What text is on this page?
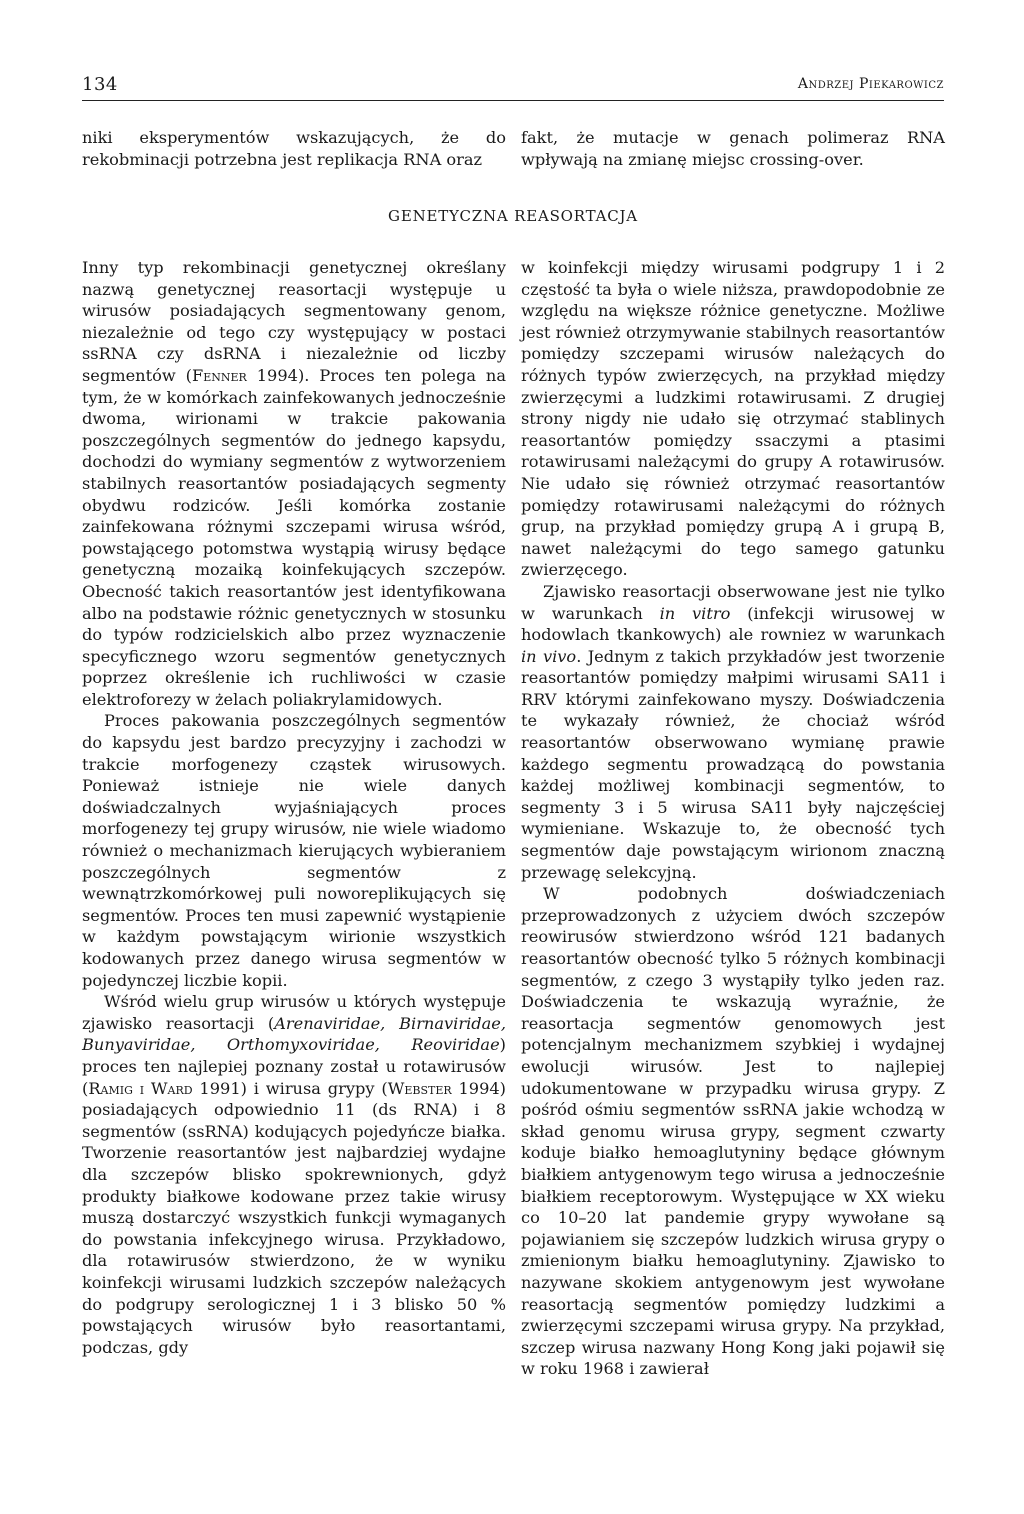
134	Andrzej Piekarowicz

niki eksperymentów wskazujących, że do rekobminacji potrzebna jest replikacja RNA oraz

fakt, że mutacje w genach polimeraz RNA wpływają na zmianę miejsc crossing-over.

GENETYCZNA REASORTACJA

Inny typ rekombinacji genetycznej określany nazwą genetycznej reasortacji występuje u wirusów posiadających segmentowany genom, niezależnie od tego czy występujący w postaci ssRNA czy dsRNA i niezależnie od liczby segmentów (Fenner 1994). Proces ten polega na tym, że w komórkach zainfekowanych jednocześnie dwoma, wirionami w trakcie pakowania poszczególnych segmentów do jednego kapsydu, dochodzi do wymiany segmentów z wytworzeniem stabilnych reasortantów posiadających segmenty obydwu rodziców. Jeśli komórka zostanie zainfekowana różnymi szczepami wirusa wśród, powstającego potomstwa wystąpią wirusy będące genetyczną mozaiką koinfekujących szczepów. Obecność takich reasortantów jest identyfikowana albo na podstawie różnic genetycznych w stosunku do typów rodzicielskich albo przez wyznaczenie specyficznego wzoru segmentów genetycznych poprzez określenie ich ruchliwości w czasie elektroforezy w żelach poliakrylamidowych.

Proces pakowania poszczególnych segmentów do kapsydu jest bardzo precyzyjny i zachodzi w trakcie morfogenezy cząstek wirusowych. Ponieważ istnieje nie wiele danych doświadczalnych wyjaśniających proces morfogenezy tej grupy wirusów, nie wiele wiadomo również o mechanizmach kierujących wybieraniem poszczególnych segmentów z wewnątrzkomórkowej puli noworeplikujących się segmentów. Proces ten musi zapewnić wystąpienie w każdym powstającym wirionie wszystkich kodowanych przez danego wirusa segmentów w pojedynczej liczbie kopii.

Wśród wielu grup wirusów u których występuje zjawisko reasortacji (Arenaviridae, Birnaviridae, Bunyaviridae, Orthomyxoviridae, Reoviridae) proces ten najlepiej poznany został u rotawirusów (Ramig i Ward 1991) i wirusa grypy (Webster 1994) posiadających odpowiednio 11 (ds RNA) i 8 segmentów (ssRNA) kodujących pojedyńcze białka. Tworzenie reasortantów jest najbardziej wydajne dla szczepów blisko spokrewnionych, gdyż produkty białkowe kodowane przez takie wirusy muszą dostarczyć wszystkich funkcji wymaganych do powstania infekcyjnego wirusa. Przykładowo, dla rotawirusów stwierdzono, że w wyniku koinfekcji wirusami ludzkich szczepów należących do podgrupy serologicznej 1 i 3 blisko 50 % powstających wirusów było reasortantami, podczas, gdy

w koinfekcji między wirusami podgrupy 1 i 2 częstość ta była o wiele niższa, prawdopodobnie ze względu na większe różnice genetyczne. Możliwe jest również otrzymywanie stabilnych reasortantów pomiędzy szczepami wirusów należących do różnych typów zwierzęcych, na przykład między zwierzęcymi a ludzkimi rotawirusami. Z drugiej strony nigdy nie udało się otrzymać stablinych reasortantów pomiędzy ssaczymi a ptasimi rotawirusami należącymi do grupy A rotawirusów. Nie udało się również otrzymać reasortantów pomiędzy rotawirusami należącymi do różnych grup, na przykład pomiędzy grupą A i grupą B, nawet należącymi do tego samego gatunku zwierzęcego.

Zjawisko reasortacji obserwowane jest nie tylko w warunkach in vitro (infekcji wirusowej w hodowlach tkankowych) ale rowniez w warunkach in vivo. Jednym z takich przykładów jest tworzenie reasortantów pomiędzy małpimi wirusami SA11 i RRV którymi zainfekowano myszy. Doświadczenia te wykazały również, że chociaż wśród reasortantów obserwowano wymianę prawie każdego segmentu prowadzącą do powstania każdej możliwej kombinacji segmentów, to segmenty 3 i 5 wirusa SA11 były najczęściej wymieniane. Wskazuje to, że obecność tych segmentów daje powstającym wirionom znaczną przewagę selekcyjną.

W podobnych doświadczeniach przeprowadzonych z użyciem dwóch szczepów reowirusów stwierdzono wśród 121 badanych reasortantów obecność tylko 5 różnych kombinacji segmentów, z czego 3 wystąpiły tylko jeden raz. Doświadczenia te wskazują wyraźnie, że reasortacja segmentów genomowych jest potencjalnym mechanizmem szybkiej i wydajnej ewolucji wirusów. Jest to najlepiej udokumentowane w przypadku wirusa grypy. Z pośród ośmiu segmentów ssRNA jakie wchodzą w skład genomu wirusa grypy, segment czwarty koduje białko hemoaglutyniny będące głównym białkiem antygenowym tego wirusa a jednocześnie białkiem receptorowym. Występujące w XX wieku co 10–20 lat pandemie grypy wywołane są pojawianiem się szczepów ludzkich wirusa grypy o zmienionym białku hemoaglutyniny. Zjawisko to nazywane skokiem antygenowym jest wywołane reasortacją segmentów pomiędzy ludzkimi a zwierzęcymi szczepami wirusa grypy. Na przykład, szczep wirusa nazwany Hong Kong jaki pojawił się w roku 1968 i zawierał
